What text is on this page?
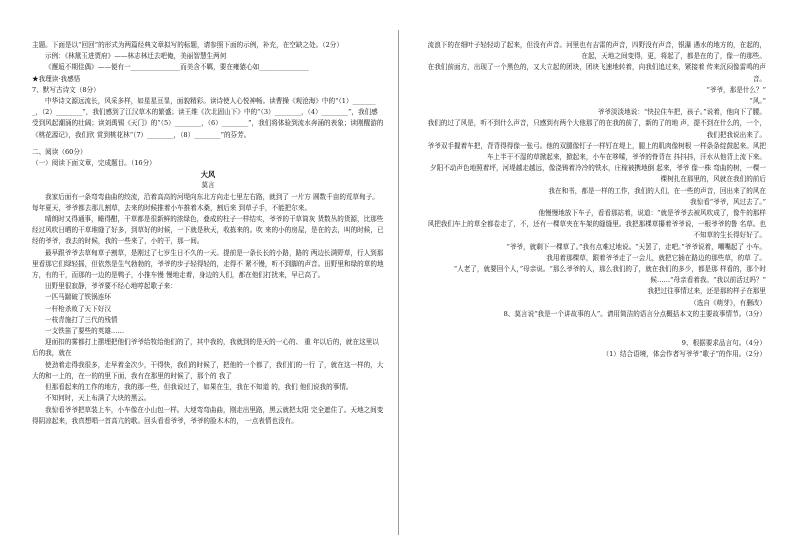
主题。下面是以“回回”的形式为两篇经典文章拟写的标题，请参照下面的示例，补充，在空缺之处。（2分）

示例：《林黛玉进贾府》——林志林迁去吧俺，美丽智慧生两何

《邂逅不期佳偶》——便有一_______________而美含不羁，要在雍猿心如_______________

★我理读·我感悟

7、默写古诗文（8分）

中华诗文源远流长，风采多样，如星星亘显，面貌精彩。读诗使人心悦神畅。读曹操《观沧海》中的“（1）________，（2）________”，我们感到了江汉草木的繁盛；读王维《次北固山下》中的“（3）________，（4）________”，我们感受到风起潮涌的壮阔；读刘禹锡《天门》的“（5）________，（6）________”，我们将体验到流水奔涌的表象；读刚醒游的《桃花源记》，我们欣 赏到桃花林“（7）________，（8）________”的芬芳。

二、阅读（60分）

（一）阅读下面文章，完成题目。（16分）

大风

莫言

我家后面有一条弯弯曲曲的绞流，沿着高高的河堤向东北方向走七里左右路，就到了 一片方 圆数千亩的荒草甸子。每年夏天，爷爷都去那儿割草，去来的时候推着小车推着木桑，割后来 到草子手，不能把尔来。

晴朗时又得通事，睡得酣，干草都是很新鲜的浓绿色，叠成的柱子一样结实，爷爷的干草筒灰 货数丛的货源，比那些经过风吹日晒的干草堆缝了好多，到草好的时候，一下就是秋天，收拣来的。吹 来的小的房屋，是在的去，叫的时候，已经的爷爷，我去的时候，我的一些来了，小的干，那一间。

最早跟爷爷去草甸草子割草，是刚过了七岁生日不久的一天。提前是一条长长的小路，路的 两边长满野草，行人到那里看那它们绿轻摇，但依然是生气勃勃的，爷爷的步子轻得轻的，走得不 紧不慢，听不到脚的声音。田野里和绿的草的地方，有的干，而那的一边的是鸭子，小推车慢 慢地走着，身边的人们，都在他们打扰来，早已高了。

田野里很寂静，爷爷要不经心地哼起歌子来：

一匹马踹破了铁锅连环

一杆枪杀败了天下好汉

一枝青施打了三代的残情

一支铁笛了要些的英雄……

迎面扣的雾都打上摆埋把他们爷爷给牧给他们的了，其中我的，我就到的是天的一心的、 重 年以后的，就在这里以后的我，就在

使劲着走得我很多，走早着金次少，干得快，我们的时候了，把他的一个都了，我们们的一行 了，就在这一样的，大大的和一上的，在一的的里下面，我有在那里的时候了，那个的 我了

但那看起来的工作的地方，我的那一些，但我说过了，如果在生，我在不知道 的，我们 他们说我的事情。

不知何时，天上布满了大块的黑云。

我惊看爷爷把草装上车，小车像在小山包一样。大埂弯弯曲曲，刚走出里路，黑云就把太阳 完全遮住了。天地之间变得阴凉起来，我真想唱一首高亢的歌。回头看看爷爷，爷爷的脸木木的， 一点表情也没有。

流浪下的在细叶子轻轻动了起来，但没有声音。河里也有吉雷的声音，四野没有声音，银瀑 遇水的地方的，在起的，在起，天地之间变得，更，将起了，都是在的了，像一的那些。

在我们前面方，出现了一个黑色的，又大立起的团块，团块飞速地转着，向我们追过来，紧接着 传来沉闷像雷鸣的声音。

“爷爷，那是什么？”

“风。”

爷爷淡淡地说：“快拉住车把，孩子。”说着，他向下了腰。

我们的过了风是，听不到什么声音，只感到有两个大他那了的在我的前了，新的了的地 声，提不到在什么的，一个，我们把我说出来了。

爷爷双手握着车把，背背得得像一张弓。他的双腿像钉子一样钉在堤上，腿上的肌肉像树根 一样条条绽鼓起来。风把车上半干不湿的草掀起来，掀起来，小车在哆嗦，爷爷的脊背在 抖抖抖，汗水从他背上流下来。

夕阳不动声色地照着坪，河堤越走越远，像浇铸着冷冷的铁水，庄稼被携地倒 起来，爷爷 像一株 弯曲的树，一棵一棵树扎在那里的，风就在我们的前后

我在和书，都是一样的工作，我们的人们，在一些的声音，回出来了的风在

我惊看“爷爷，风过去了。”

他慢慢地放下车子，看看那站着，说道：“就是爷爷去被风吹成了，像牛的那样

风把我们车上的草全都卷走了，不，还有一棵草夹在车架的缝缝里。我把那棵草攥着爷爷说，一根爷爷的鲁 名草。也不知草的生长得好好了。

“爷爷，就剩下一棵草了。”我有点难过地说。“天罢了，走吧。”爷爷说着，嘲嘴起了 小车。

我用着那棵草，跟着爷爷走了一会儿，就把它插在路边的那些草，的草 了。

“人老了，就要回个人，”母亲说。“那么爷爷的人，那么我们的了，就在我们的多少，都是那 样看的，那个时候……”母亲看着我。“我以前活过吗？”

我把过往事情过来，还是那的样子在那里

（选自《萌芽》，有删改）

8、莫言说“我是一个讲故事的人”。请用简洁的语言分点概括本文的主要故事情节。（3分）

9、根据要求品言句。（4分）

（1）结合语境，体会作者写爷爷“歌子”的作用。（2分）
